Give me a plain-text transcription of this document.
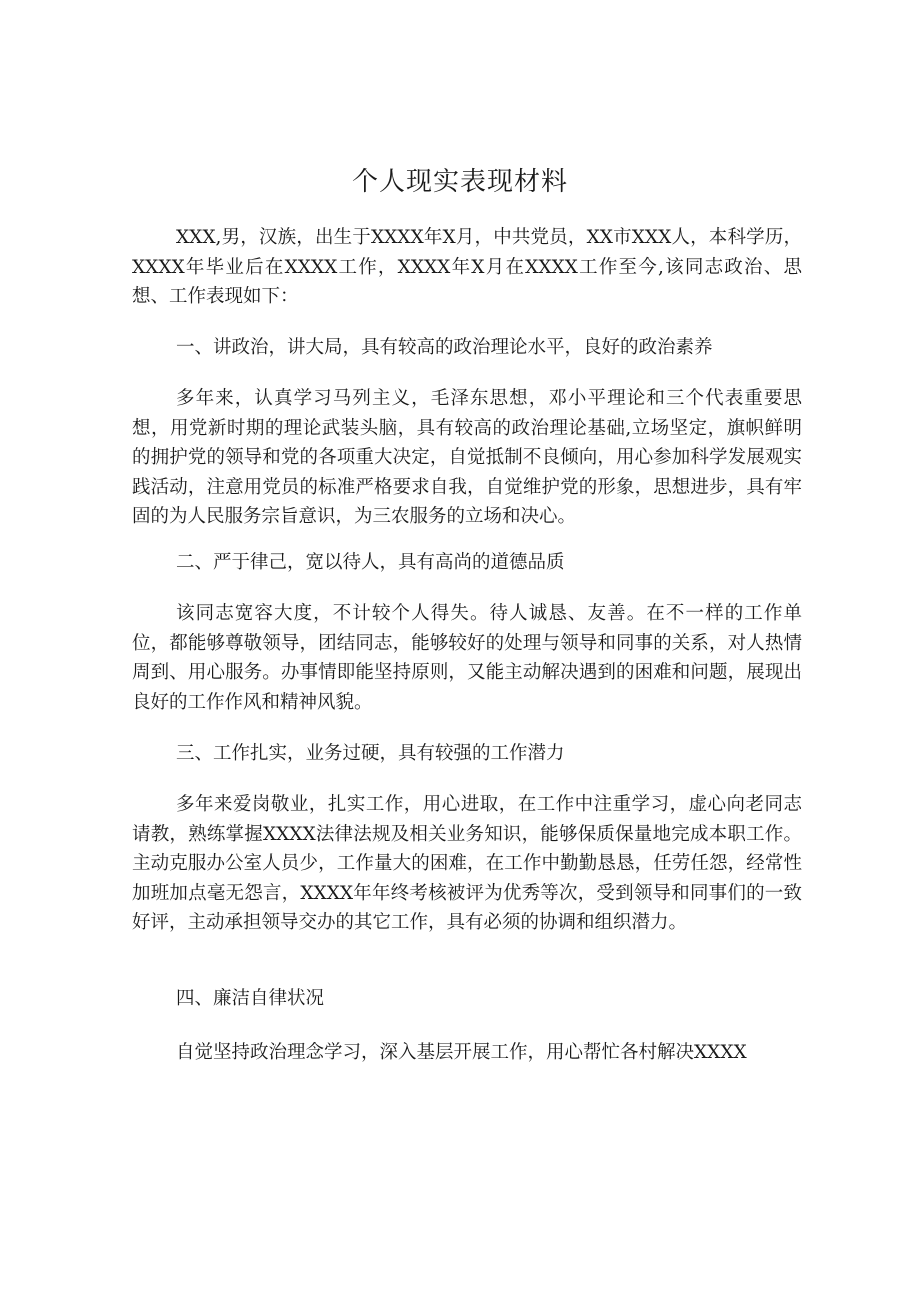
个人现实表现材料

XXX,男，汉族，出生于XXXX年X月，中共党员，XX市XXX人，本科学历，XXXX年毕业后在XXXX工作，XXXX年X月在XXXX工作至今,该同志政治、思想、工作表现如下：

一、讲政治，讲大局，具有较高的政治理论水平，良好的政治素养

多年来，认真学习马列主义，毛泽东思想，邓小平理论和三个代表重要思想，用党新时期的理论武装头脑，具有较高的政治理论基础,立场坚定，旗帜鲜明的拥护党的领导和党的各项重大决定，自觉抵制不良倾向，用心参加科学发展观实践活动，注意用党员的标准严格要求自我，自觉维护党的形象，思想进步，具有牢固的为人民服务宗旨意识，为三农服务的立场和决心。

二、严于律己，宽以待人，具有高尚的道德品质

该同志宽容大度，不计较个人得失。待人诚恳、友善。在不一样的工作单位，都能够尊敬领导，团结同志，能够较好的处理与领导和同事的关系，对人热情周到、用心服务。办事情即能坚持原则，又能主动解决遇到的困难和问题，展现出良好的工作作风和精神风貌。

三、工作扎实，业务过硬，具有较强的工作潜力

多年来爱岗敬业，扎实工作，用心进取，在工作中注重学习，虚心向老同志请教，熟练掌握XXXX法律法规及相关业务知识，能够保质保量地完成本职工作。主动克服办公室人员少，工作量大的困难，在工作中勤勤恳恳，任劳任怨，经常性加班加点毫无怨言，XXXX年年终考核被评为优秀等次，受到领导和同事们的一致好评，主动承担领导交办的其它工作，具有必须的协调和组织潜力。

四、廉洁自律状况

自觉坚持政治理念学习，深入基层开展工作，用心帮忙各村解决XXXX
